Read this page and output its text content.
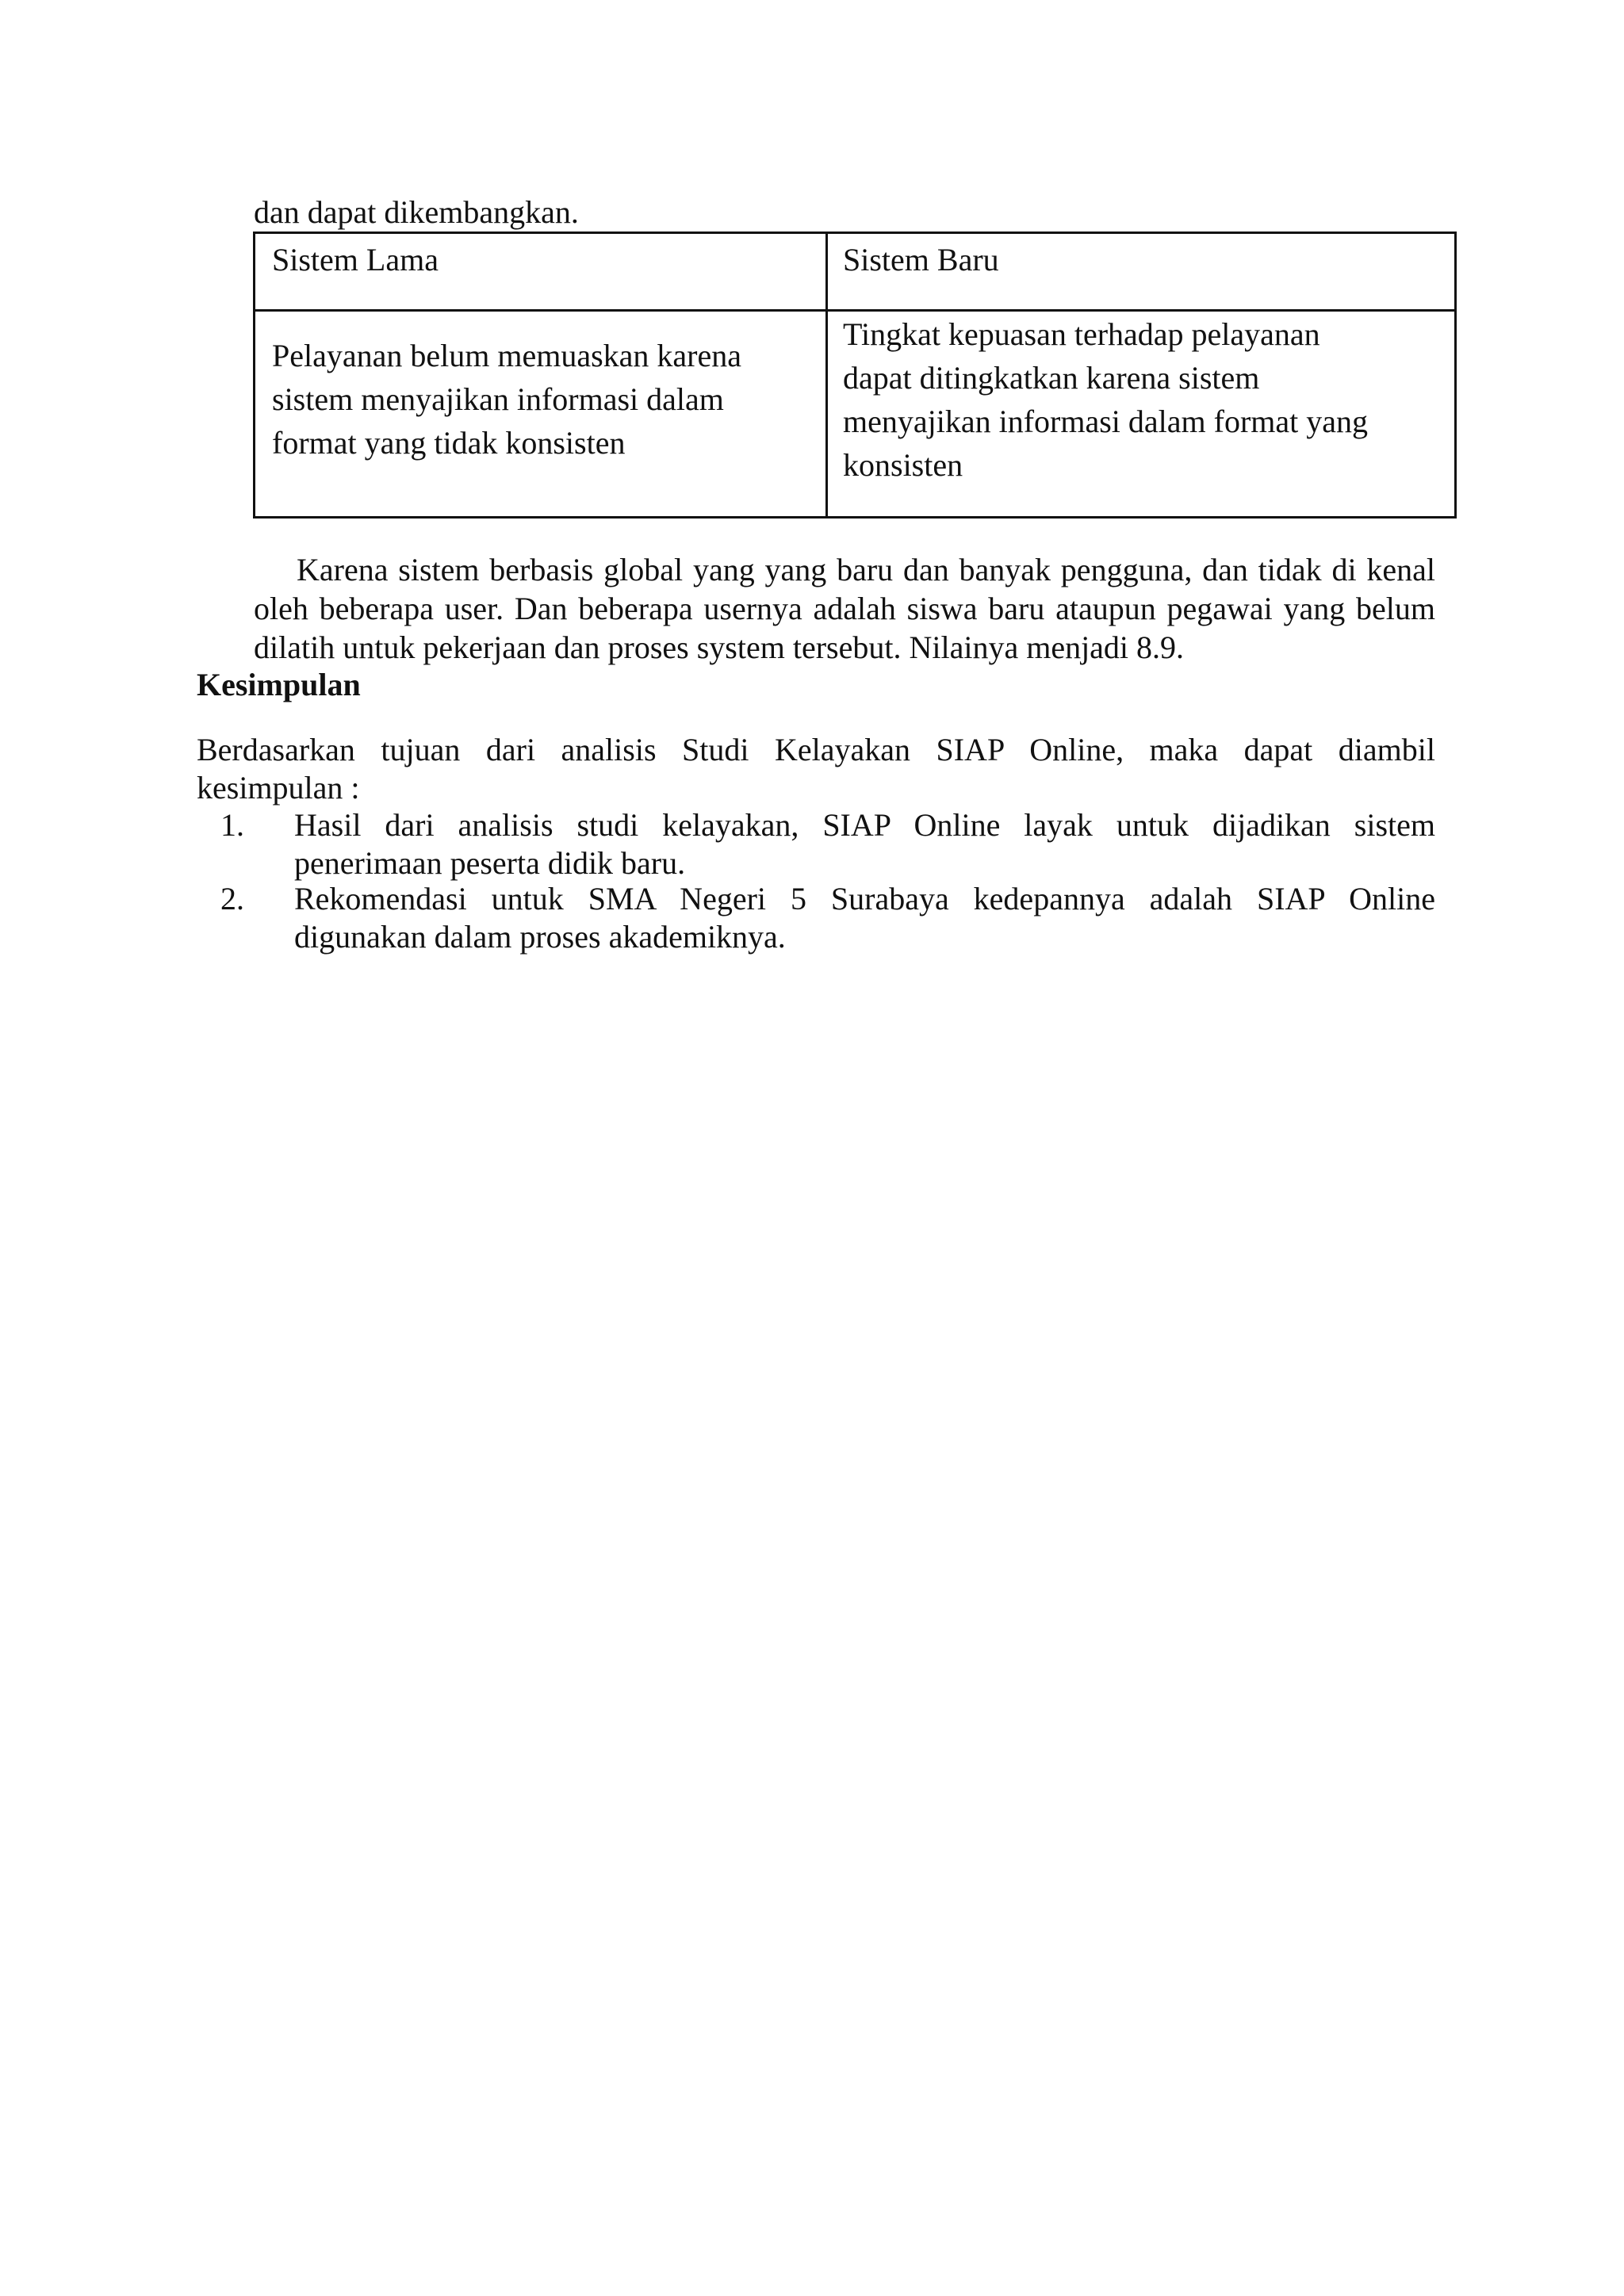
dan dapat dikembangkan.
Sistem Lama	Sistem Baru
Pelayanan belum memuaskan karena
sistem menyajikan informasi dalam
format yang tidak konsisten
Tingkat kepuasan terhadap pelayanan
dapat ditingkatkan karena sistem
menyajikan informasi dalam format yang
konsisten
Karena sistem berbasis global yang yang baru dan banyak pengguna, dan tidak di kenal
oleh beberapa user. Dan beberapa usernya adalah siswa baru ataupun pegawai yang belum
dilatih untuk pekerjaan dan proses system tersebut. Nilainya menjadi 8.9.
Kesimpulan
Berdasarkan tujuan dari analisis Studi Kelayakan SIAP Online, maka dapat diambil
kesimpulan :
1. Hasil dari analisis studi kelayakan, SIAP Online layak untuk dijadikan sistem
penerimaan peserta didik baru.
2. Rekomendasi untuk SMA Negeri 5 Surabaya kedepannya adalah SIAP Online
digunakan dalam proses akademiknya.
